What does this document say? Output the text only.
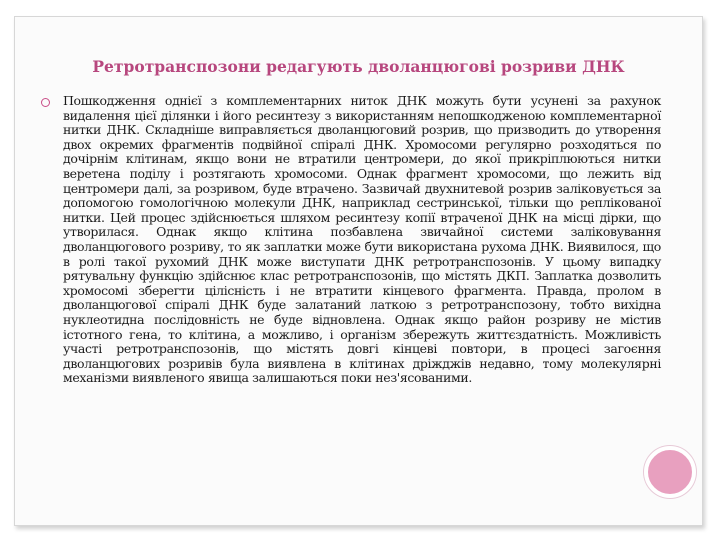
Ретротранспозони редагують дволанцюгові розриви ДНК

Пошкодження однієї з комплементарних ниток ДНК можуть бути усунені за рахунок видалення цієї ділянки і його ресинтезу з використанням непошкодженою комплементарної нитки ДНК. Складніше виправляється дволанцюговий розрив, що призводить до утворення двох окремих фрагментів подвійної спіралі ДНК. Хромосоми регулярно розходяться по дочірнім клітинам, якщо вони не втратили центромери, до якої прикріплюються нитки веретена поділу і розтягають хромосоми. Однак фрагмент хромосоми, що лежить від центромери далі, за розривом, буде втрачено. Зазвичай двухнитевой розрив заліковується за допомогою гомологічною молекули ДНК, наприклад сестринської, тільки що реплікованої нитки. Цей процес здійснюється шляхом ресинтезу копії втраченої ДНК на місці дірки, що утворилася. Однак якщо клітина позбавлена звичайної системи заліковування дволанцюгового розриву, то як заплатки може бути використана рухома ДНК. Виявилося, що в ролі такої рухомий ДНК може виступати ДНК ретротранспозонів. У цьому випадку рятувальну функцію здійснює клас ретротранспозонів, що містять ДКП. Заплатка дозволить хромосомі зберегти цілісність і не втратити кінцевого фрагмента. Правда, пролом в дволанцюгової спіралі ДНК буде залатаний латкою з ретротранспозону, тобто вихідна нуклеотидна послідовність не буде відновлена. Однак якщо район розриву не містив істотного гена, то клітина, а можливо, і організм збережуть життєздатність. Можливість участі ретротранспозонів, що містять довгі кінцеві повтори, в процесі загоєння дволанцюгових розривів була виявлена в клітинах дріжджів недавно, тому молекулярні механізми виявленого явища залишаються поки нез'ясованими.
